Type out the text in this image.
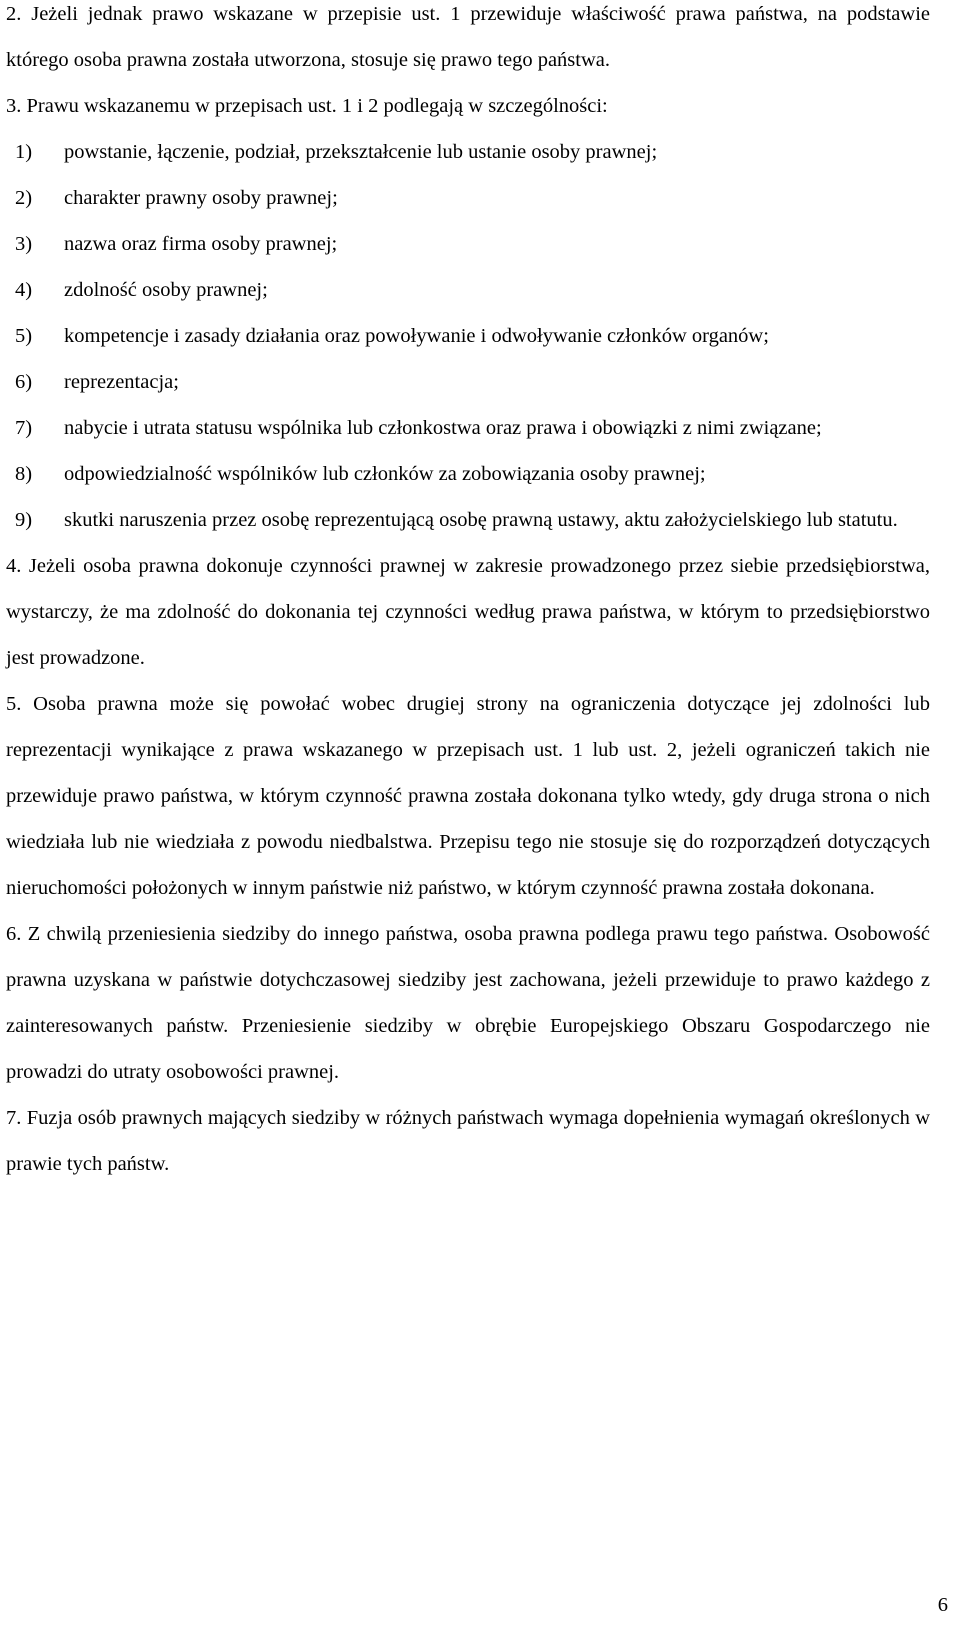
2. Jeżeli jednak prawo wskazane w przepisie ust. 1 przewiduje właściwość prawa państwa, na podstawie którego osoba prawna została utworzona, stosuje się prawo tego państwa.

3. Prawu wskazanemu w przepisach ust. 1 i 2 podlegają w szczególności:

1)	powstanie, łączenie, podział, przekształcenie lub ustanie osoby prawnej;
2)	charakter prawny osoby prawnej;
3)	nazwa oraz firma osoby prawnej;
4)	zdolność osoby prawnej;
5)	kompetencje i zasady działania oraz powoływanie i odwoływanie członków organów;
6)	reprezentacja;
7)	nabycie i utrata statusu wspólnika lub członkostwa oraz prawa i obowiązki z nimi związane;
8)	odpowiedzialność wspólników lub członków za zobowiązania osoby prawnej;
9)	skutki naruszenia przez osobę reprezentującą osobę prawną ustawy, aktu założycielskiego lub statutu.

4. Jeżeli osoba prawna dokonuje czynności prawnej w zakresie prowadzonego przez siebie przedsiębiorstwa, wystarczy, że ma zdolność do dokonania tej czynności według prawa państwa, w którym to przedsiębiorstwo jest prowadzone.

5. Osoba prawna może się powołać wobec drugiej strony na ograniczenia dotyczące jej zdolności lub reprezentacji wynikające z prawa wskazanego w przepisach ust. 1 lub ust. 2, jeżeli ograniczeń takich nie przewiduje prawo państwa, w którym czynność prawna została dokonana tylko wtedy, gdy druga strona o nich wiedziała lub nie wiedziała z powodu niedbalstwa. Przepisu tego nie stosuje się do rozporządzeń dotyczących nieruchomości położonych w innym państwie niż państwo, w którym czynność prawna została dokonana.

6. Z chwilą przeniesienia siedziby do innego państwa, osoba prawna podlega prawu tego państwa. Osobowość prawna uzyskana w państwie dotychczasowej siedziby jest zachowana, jeżeli przewiduje to prawo każdego z zainteresowanych państw. Przeniesienie siedziby w obrębie Europejskiego Obszaru Gospodarczego nie prowadzi do utraty osobowości prawnej.

7. Fuzja osób prawnych mających siedziby w różnych państwach wymaga dopełnienia wymagań określonych w prawie tych państw.

6
